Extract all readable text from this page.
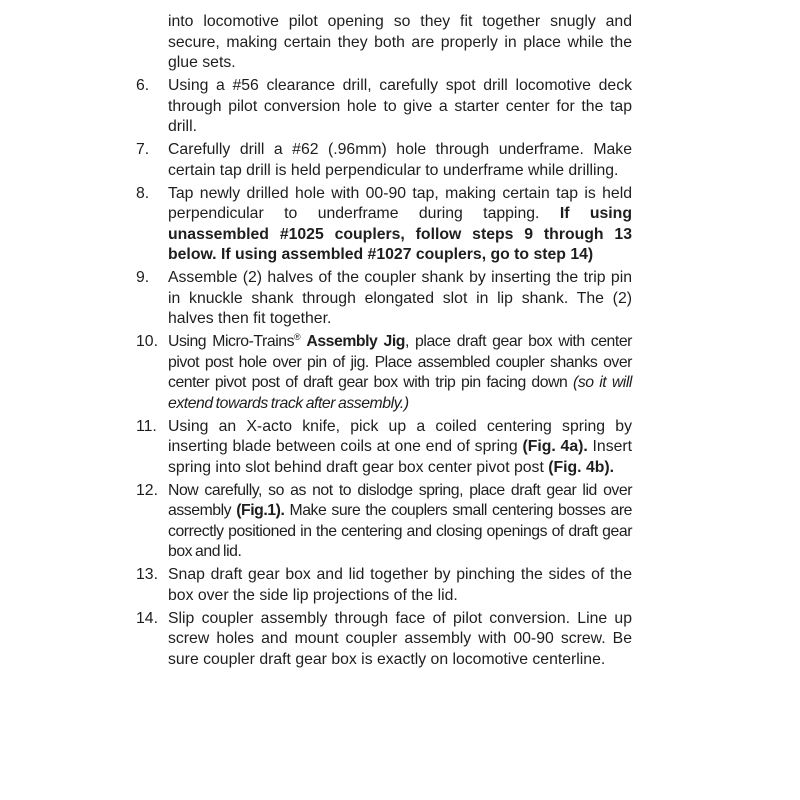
into locomotive pilot opening so they fit together snugly and secure, making certain they both are properly in place while the glue sets.
6.	Using a #56 clearance drill, carefully spot drill locomotive deck through pilot conversion hole to give a starter center for the tap drill.
7.	Carefully drill a #62 (.96mm) hole through underframe. Make certain tap drill is held perpendicular to underframe while drilling.
8.	Tap newly drilled hole with 00-90 tap, making certain tap is held perpendicular to underframe during tapping. If using unassembled #1025 couplers, follow steps 9 through 13 below. If using assembled #1027 couplers, go to step 14)
9.	Assemble (2) halves of the coupler shank by inserting the trip pin in knuckle shank through elongated slot in lip shank. The (2) halves then fit together.
10. Using Micro-Trains® Assembly Jig, place draft gear box with center pivot post hole over pin of jig. Place assembled coupler shanks over center pivot post of draft gear box with trip pin facing down (so it will extend towards track after assembly.)
11. Using an X-acto knife, pick up a coiled centering spring by inserting blade between coils at one end of spring (Fig. 4a). Insert spring into slot behind draft gear box center pivot post (Fig. 4b).
12. Now carefully, so as not to dislodge spring, place draft gear lid over assembly (Fig.1). Make sure the couplers small centering bosses are correctly positioned in the centering and closing openings of draft gear box and lid.
13. Snap draft gear box and lid together by pinching the sides of the box over the side lip projections of the lid.
14. Slip coupler assembly through face of pilot conversion. Line up screw holes and mount coupler assembly with 00-90 screw. Be sure coupler draft gear box is exactly on locomotive centerline.
